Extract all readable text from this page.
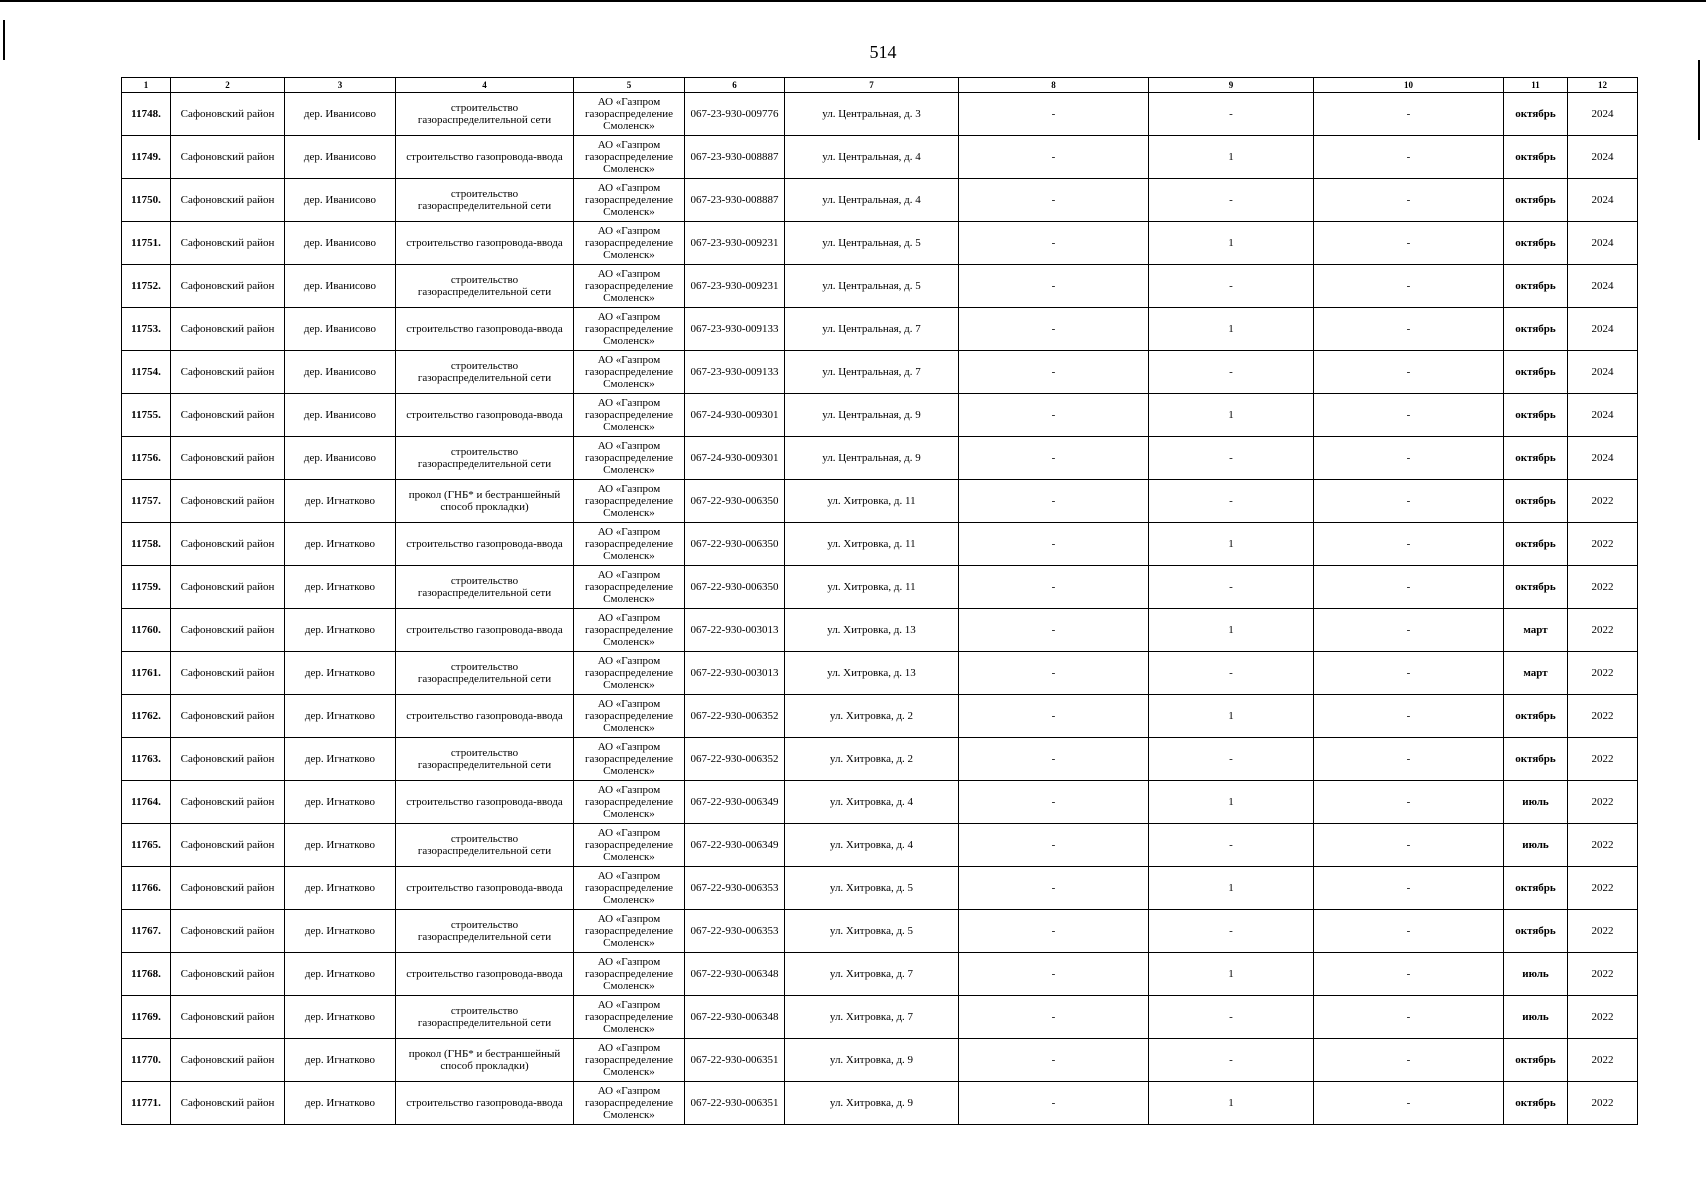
514
1	2	3	4	5	6	7	8	9	10	11	12
11748.	Сафоновский район	дер. Иваниcово	строительство газораспределительной сети	АО «Газпром газораспределение Смоленск»	067-23-930-009776	ул. Центральная, д. 3	-	-	-	октябрь	2024
11749.	Сафоновский район	дер. Иваниcово	строительство газопровода-ввода	АО «Газпром газораспределение Смоленск»	067-23-930-008887	ул. Центральная, д. 4	-	1	-	октябрь	2024
11750.	Сафоновский район	дер. Иваниcово	строительство газораспределительной сети	АО «Газпром газораспределение Смоленск»	067-23-930-008887	ул. Центральная, д. 4	-	-	-	октябрь	2024
11751.	Сафоновский район	дер. Иваниcово	строительство газопровода-ввода	АО «Газпром газораспределение Смоленск»	067-23-930-009231	ул. Центральная, д. 5	-	1	-	октябрь	2024
11752.	Сафоновский район	дер. Иваниcово	строительство газораспределительной сети	АО «Газпром газораспределение Смоленск»	067-23-930-009231	ул. Центральная, д. 5	-	-	-	октябрь	2024
11753.	Сафоновский район	дер. Иваниcово	строительство газопровода-ввода	АО «Газпром газораспределение Смоленск»	067-23-930-009133	ул. Центральная, д. 7	-	1	-	октябрь	2024
11754.	Сафоновский район	дер. Иваниcово	строительство газораспределительной сети	АО «Газпром газораспределение Смоленск»	067-23-930-009133	ул. Центральная, д. 7	-	-	-	октябрь	2024
11755.	Сафоновский район	дер. Иваниcово	строительство газопровода-ввода	АО «Газпром газораспределение Смоленск»	067-24-930-009301	ул. Центральная, д. 9	-	1	-	октябрь	2024
11756.	Сафоновский район	дер. Иваниcово	строительство газораспределительной сети	АО «Газпром газораспределение Смоленск»	067-24-930-009301	ул. Центральная, д. 9	-	-	-	октябрь	2024
11757.	Сафоновский район	дер. Игнатково	прокол (ГНБ* и бестраншейный способ прокладки)	АО «Газпром газораспределение Смоленск»	067-22-930-006350	ул. Хитровка, д. 11	-	-	-	октябрь	2022
11758.	Сафоновский район	дер. Игнатково	строительство газопровода-ввода	АО «Газпром газораспределение Смоленск»	067-22-930-006350	ул. Хитровка, д. 11	-	1	-	октябрь	2022
11759.	Сафоновский район	дер. Игнатково	строительство газораспределительной сети	АО «Газпром газораспределение Смоленск»	067-22-930-006350	ул. Хитровка, д. 11	-	-	-	октябрь	2022
11760.	Сафоновский район	дер. Игнатково	строительство газопровода-ввода	АО «Газпром газораспределение Смоленск»	067-22-930-003013	ул. Хитровка, д. 13	-	1	-	март	2022
11761.	Сафоновский район	дер. Игнатково	строительство газораспределительной сети	АО «Газпром газораспределение Смоленск»	067-22-930-003013	ул. Хитровка, д. 13	-	-	-	март	2022
11762.	Сафоновский район	дер. Игнатково	строительство газопровода-ввода	АО «Газпром газораспределение Смоленск»	067-22-930-006352	ул. Хитровка, д. 2	-	1	-	октябрь	2022
11763.	Сафоновский район	дер. Игнатково	строительство газораспределительной сети	АО «Газпром газораспределение Смоленск»	067-22-930-006352	ул. Хитровка, д. 2	-	-	-	октябрь	2022
11764.	Сафоновский район	дер. Игнатково	строительство газопровода-ввода	АО «Газпром газораспределение Смоленск»	067-22-930-006349	ул. Хитровка, д. 4	-	1	-	июль	2022
11765.	Сафоновский район	дер. Игнатково	строительство газораспределительной сети	АО «Газпром газораспределение Смоленск»	067-22-930-006349	ул. Хитровка, д. 4	-	-	-	июль	2022
11766.	Сафоновский район	дер. Игнатково	строительство газопровода-ввода	АО «Газпром газораспределение Смоленск»	067-22-930-006353	ул. Хитровка, д. 5	-	1	-	октябрь	2022
11767.	Сафоновский район	дер. Игнатково	строительство газораспределительной сети	АО «Газпром газораспределение Смоленск»	067-22-930-006353	ул. Хитровка, д. 5	-	-	-	октябрь	2022
11768.	Сафоновский район	дер. Игнатково	строительство газопровода-ввода	АО «Газпром газораспределение Смоленск»	067-22-930-006348	ул. Хитровка, д. 7	-	1	-	июль	2022
11769.	Сафоновский район	дер. Игнатково	строительство газораспределительной сети	АО «Газпром газораспределение Смоленск»	067-22-930-006348	ул. Хитровка, д. 7	-	-	-	июль	2022
11770.	Сафоновский район	дер. Игнатково	прокол (ГНБ* и бестраншейный способ прокладки)	АО «Газпром газораспределение Смоленск»	067-22-930-006351	ул. Хитровка, д. 9	-	-	-	октябрь	2022
11771.	Сафоновский район	дер. Игнатково	строительство газопровода-ввода	АО «Газпром газораспределение Смоленск»	067-22-930-006351	ул. Хитровка, д. 9	-	1	-	октябрь	2022
